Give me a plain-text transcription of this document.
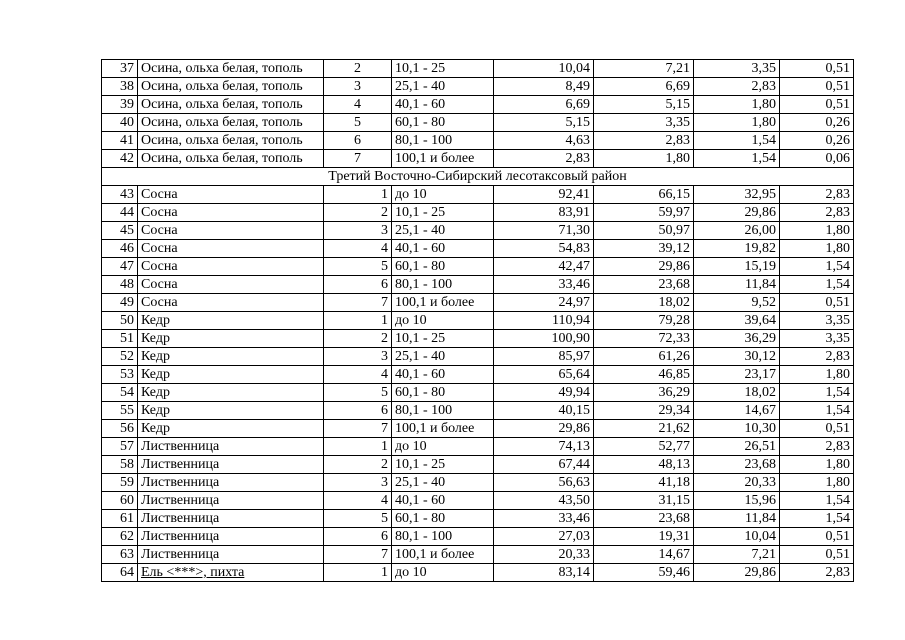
37	Осина, ольха белая, тополь	2	10,1 - 25	10,04	7,21	3,35	0,51
38	Осина, ольха белая, тополь	3	25,1 - 40	8,49	6,69	2,83	0,51
39	Осина, ольха белая, тополь	4	40,1 - 60	6,69	5,15	1,80	0,51
40	Осина, ольха белая, тополь	5	60,1 - 80	5,15	3,35	1,80	0,26
41	Осина, ольха белая, тополь	6	80,1 - 100	4,63	2,83	1,54	0,26
42	Осина, ольха белая, тополь	7	100,1 и более	2,83	1,80	1,54	0,06
Третий Восточно-Сибирский лесотаксовый район							
43	Сосна	1	до 10	92,41	66,15	32,95	2,83
44	Сосна	2	10,1 - 25	83,91	59,97	29,86	2,83
45	Сосна	3	25,1 - 40	71,30	50,97	26,00	1,80
46	Сосна	4	40,1 - 60	54,83	39,12	19,82	1,80
47	Сосна	5	60,1 - 80	42,47	29,86	15,19	1,54
48	Сосна	6	80,1 - 100	33,46	23,68	11,84	1,54
49	Сосна	7	100,1 и более	24,97	18,02	9,52	0,51
50	Кедр	1	до 10	110,94	79,28	39,64	3,35
51	Кедр	2	10,1 - 25	100,90	72,33	36,29	3,35
52	Кедр	3	25,1 - 40	85,97	61,26	30,12	2,83
53	Кедр	4	40,1 - 60	65,64	46,85	23,17	1,80
54	Кедр	5	60,1 - 80	49,94	36,29	18,02	1,54
55	Кедр	6	80,1 - 100	40,15	29,34	14,67	1,54
56	Кедр	7	100,1 и более	29,86	21,62	10,30	0,51
57	Лиственница	1	до 10	74,13	52,77	26,51	2,83
58	Лиственница	2	10,1 - 25	67,44	48,13	23,68	1,80
59	Лиственница	3	25,1 - 40	56,63	41,18	20,33	1,80
60	Лиственница	4	40,1 - 60	43,50	31,15	15,96	1,54
61	Лиственница	5	60,1 - 80	33,46	23,68	11,84	1,54
62	Лиственница	6	80,1 - 100	27,03	19,31	10,04	0,51
63	Лиственница	7	100,1 и более	20,33	14,67	7,21	0,51
64	Ель <***>, пихта	1	до 10	83,14	59,46	29,86	2,83
